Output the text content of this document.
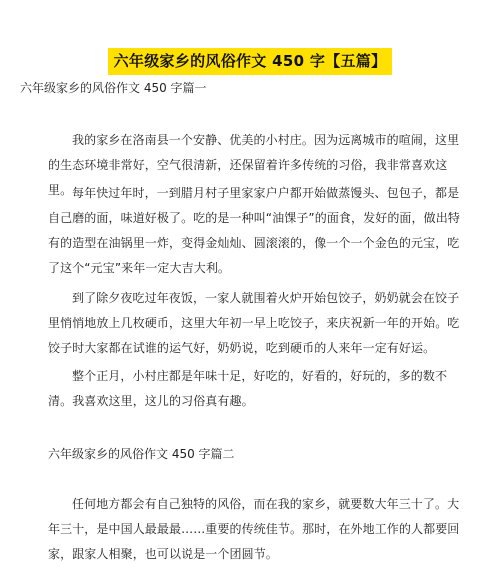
六年级家乡的风俗作文 450 字【五篇】
六年级家乡的风俗作文 450 字篇一

我的家乡在洛南县一个安静、优美的小村庄。因为远离城市的喧闹，这里的生态环境非常好，空气很清新，还保留着许多传统的习俗，我非常喜欢这里。 每年快过年时，一到腊月村子里家家户户都开始做蒸馒头、包包子，都是自己磨的面，味道好极了。吃的是一种叫“油馃子”的面食，发好的面，做出特有的造型在油锅里一炸，变得金灿灿、圆滚滚的，像一个一个金色的元宝，吃了这个“元宝”来年一定大吉大利。

到了除夕夜吃过年夜饭，一家人就围着火炉开始包饺子，奶奶就会在饺子里悄悄地放上几枚硬币，这里大年初一早上吃饺子，来庆祝新一年的开始。吃饺子时大家都在试谁的运气好，奶奶说，吃到硬币的人来年一定有好运。

整个正月，小村庄都是年味十足，好吃的，好看的，好玩的，多的数不清。我喜欢这里，这儿的习俗真有趣。

六年级家乡的风俗作文 450 字篇二

任何地方都会有自己独特的风俗，而在我的家乡，就要数大年三十了。大年三十，是中国人最最最……重要的传统佳节。那时，在外地工作的人都要回家，跟家人相聚，也可以说是一个团圆节。
